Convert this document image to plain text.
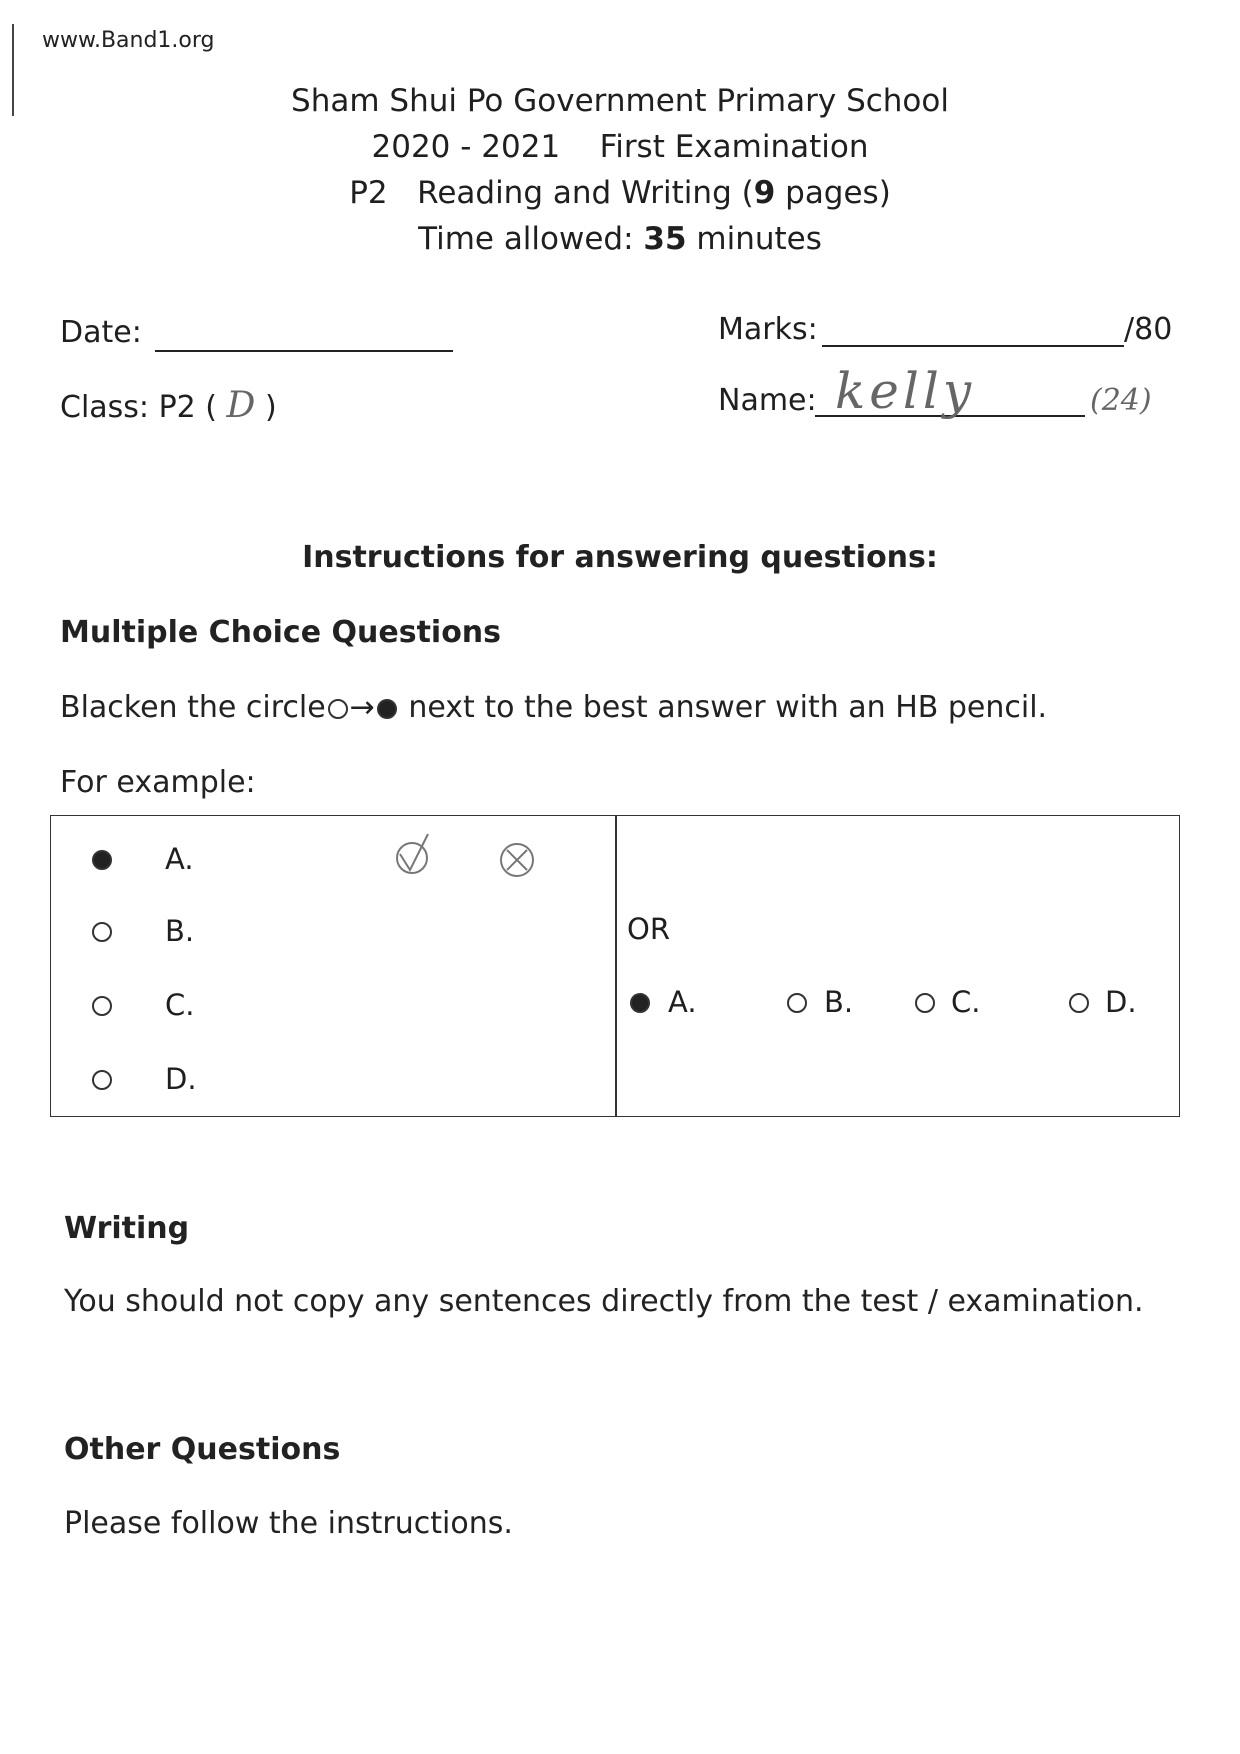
www.Band1.org
Sham Shui Po Government Primary School
2020 - 2021 First Examination
P2 Reading and Writing (9 pages)
Time allowed: 35 minutes
Date:	Marks:	/80
Class: P2 ( D )	Name: kelly	(24)
Instructions for answering questions:
Multiple Choice Questions
Blacken the circle → next to the best answer with an HB pencil.
For example:
A.
B.
C.
D.
OR
A.	B.	C.	D.
Writing
You should not copy any sentences directly from the test / examination.
Other Questions
Please follow the instructions.
